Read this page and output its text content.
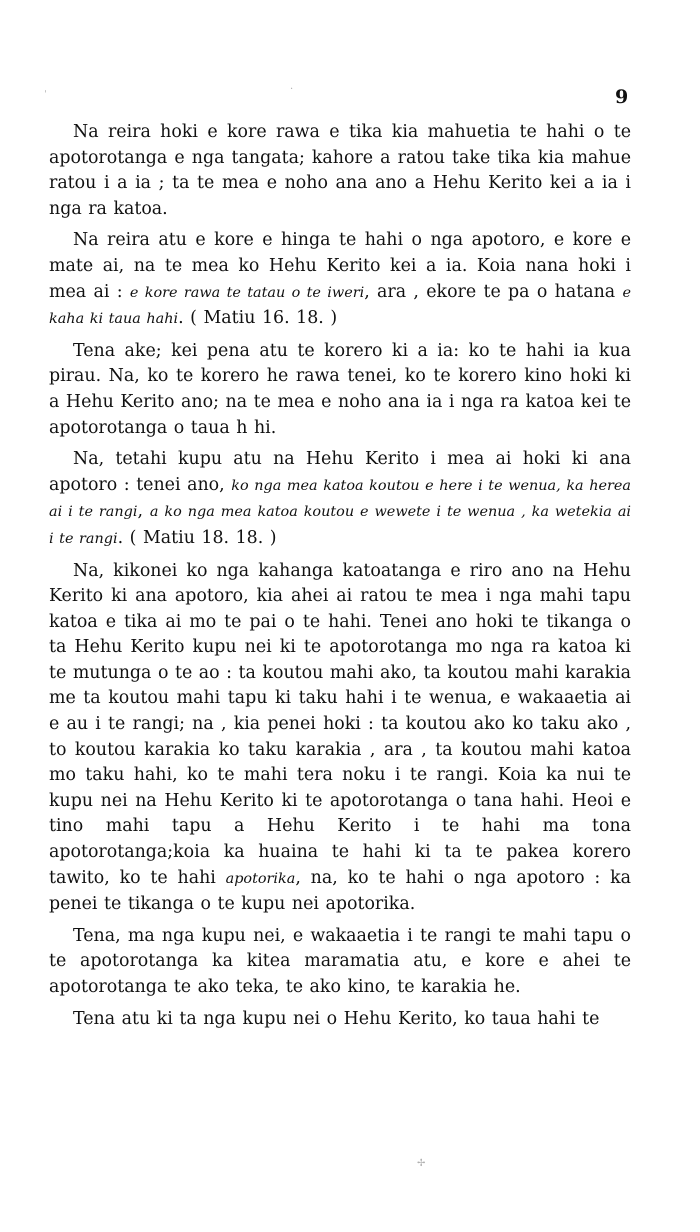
ˈ
·
✢
9

Na reira hoki e kore rawa e tika kia mahuetia te hahi o te apotorotanga e nga tangata; kahore a ratou take tika kia mahue ratou i a ia ; ta te mea e noho ana ano a Hehu Kerito kei a ia i nga ra katoa.

Na reira atu e kore e hinga te hahi o nga apotoro, e kore e mate ai, na te mea ko Hehu Kerito kei a ia. Koia nana hoki i mea ai : e kore rawa te tatau o te iweri, ara , ekore te pa o hatana e kaha ki taua hahi. ( Matiu 16. 18. )

Tena ake; kei pena atu te korero ki a ia: ko te hahi ia kua pirau. Na, ko te korero he rawa tenei, ko te korero kino hoki ki a Hehu Kerito ano; na te mea e noho ana ia i nga ra katoa kei te apotorotanga o taua h hi.

Na, tetahi kupu atu na Hehu Kerito i mea ai hoki ki ana apotoro : tenei ano, ko nga mea katoa koutou e here i te wenua, ka herea ai i te rangi, a ko nga mea katoa koutou e wewete i te wenua , ka wetekia ai i te rangi. ( Matiu 18. 18. )

Na, kikonei ko nga kahanga katoatanga e riro ano na Hehu Kerito ki ana apotoro, kia ahei ai ratou te mea i nga mahi tapu katoa e tika ai mo te pai o te hahi. Tenei ano hoki te tikanga o ta Hehu Kerito kupu nei ki te apotorotanga mo nga ra katoa ki te mutunga o te ao : ta koutou mahi ako, ta koutou mahi karakia me ta koutou mahi tapu ki taku hahi i te wenua, e wakaaetia ai e au i te rangi; na , kia penei hoki : ta koutou ako ko taku ako , to koutou karakia ko taku karakia , ara , ta koutou mahi katoa mo taku hahi, ko te mahi tera noku i te rangi. Koia ka nui te kupu nei na Hehu Kerito ki te apotorotanga o tana hahi. Heoi e tino mahi tapu a Hehu Kerito i te hahi ma tona apotorotanga;koia ka huaina te hahi ki ta te pakea korero tawito, ko te hahi apotorika, na, ko te hahi o nga apotoro : ka penei te tikanga o te kupu nei apotorika.

Tena, ma nga kupu nei, e wakaaetia i te rangi te mahi tapu o te apotorotanga ka kitea maramatia atu, e kore e ahei te apotorotanga te ako teka, te ako kino, te karakia he.

Tena atu ki ta nga kupu nei o Hehu Kerito, ko taua hahi te
